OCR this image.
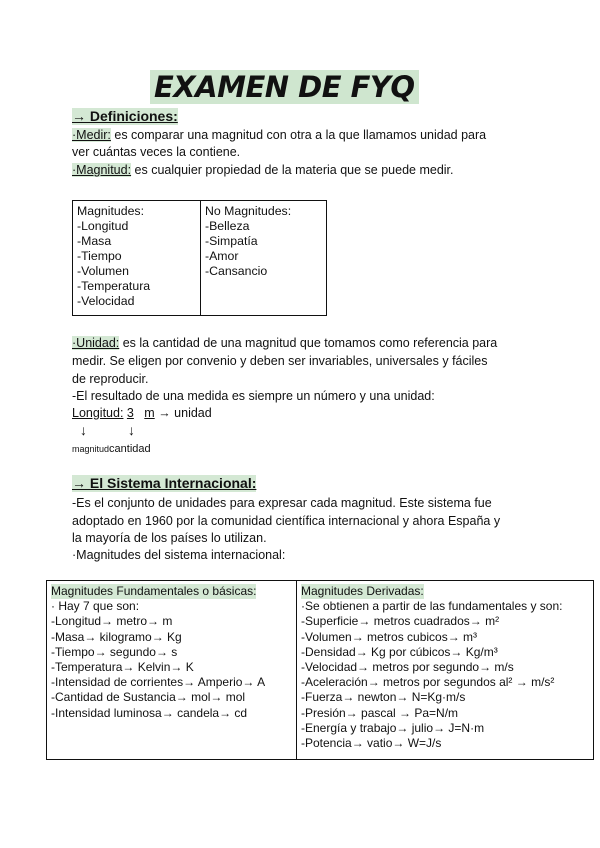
EXAMEN DE FYQ
→ Definiciones:
·Medir: es comparar una magnitud con otra a la que llamamos unidad para
ver cuántas veces la contiene.
·Magnitud: es cualquier propiedad de la materia que se puede medir.
Magnitudes:
-Longitud
-Masa
-Tiempo
-Volumen
-Temperatura
-Velocidad

No Magnitudes:
-Belleza
-Simpatía
-Amor
-Cansancio
·Unidad: es la cantidad de una magnitud que tomamos como referencia para
medir. Se eligen por convenio y deben ser invariables, universales y fáciles
de reproducir.
-El resultado de una medida es siempre un número y una unidad:
Longitud: 3 m → unidad
↓	↓
magnitudcantidad
→ El Sistema Internacional:
-Es el conjunto de unidades para expresar cada magnitud. Este sistema fue
adoptado en 1960 por la comunidad científica internacional y ahora España y
la mayoría de los países lo utilizan.
·Magnitudes del sistema internacional:
Magnitudes Fundamentales o básicas:
· Hay 7 que son:
-Longitud→ metro→ m
-Masa→ kilogramo→ Kg
-Tiempo→ segundo→ s
-Temperatura→ Kelvin→ K
-Intensidad de corrientes→ Amperio→ A
-Cantidad de Sustancia→ mol→ mol
-Intensidad luminosa→ candela→ cd
	Magnitudes Derivadas:
·Se obtienen a partir de las fundamentales y son:
-Superficie→ metros cuadrados→ m²
-Volumen→ metros cubicos→ m³
-Densidad→ Kg por cúbicos→ Kg/m³
-Velocidad→ metros por segundo→ m/s
-Aceleración→ metros por segundos al² → m/s²
-Fuerza→ newton→ N=Kg·m/s
-Presión→ pascal → Pa=N/m
-Energía y trabajo→ julio→ J=N·m
-Potencia→ vatio→ W=J/s
